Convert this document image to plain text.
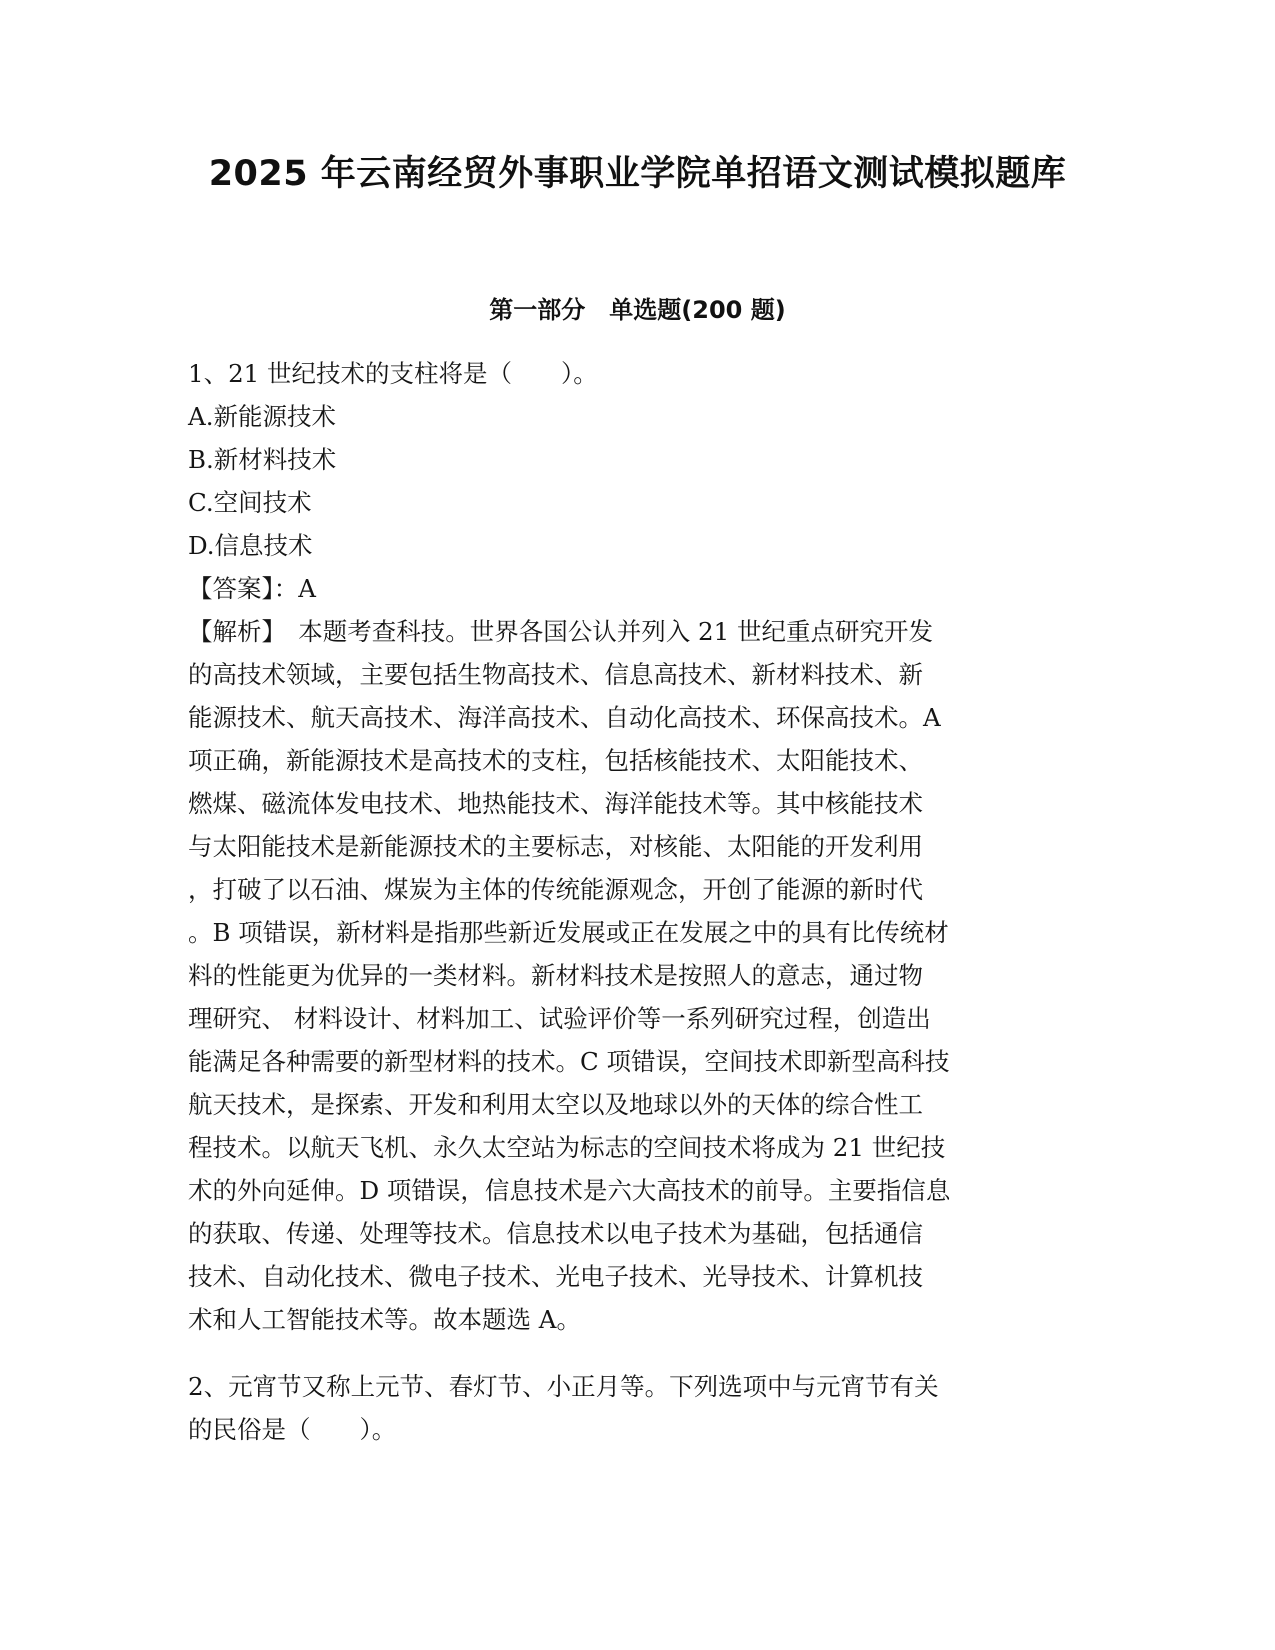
2025 年云南经贸外事职业学院单招语文测试模拟题库
第一部分　单选题(200 题)
1、21 世纪技术的支柱将是（　　）。
A.新能源技术
B.新材料技术
C.空间技术
D.信息技术
【答案】：A
【解析】　本题考查科技。世界各国公认并列入 21 世纪重点研究开发
的高技术领域，主要包括生物高技术、信息高技术、新材料技术、新
能源技术、航天高技术、海洋高技术、自动化高技术、环保高技术。A
项正确，新能源技术是高技术的支柱，包括核能技术、太阳能技术、
燃煤、磁流体发电技术、地热能技术、海洋能技术等。其中核能技术
与太阳能技术是新能源技术的主要标志，对核能、太阳能的开发利用
，打破了以石油、煤炭为主体的传统能源观念，开创了能源的新时代
。B 项错误，新材料是指那些新近发展或正在发展之中的具有比传统材
料的性能更为优异的一类材料。新材料技术是按照人的意志，通过物
理研究、 材料设计、材料加工、试验评价等一系列研究过程，创造出
能满足各种需要的新型材料的技术。C 项错误，空间技术即新型高科技
航天技术，是探索、开发和利用太空以及地球以外的天体的综合性工
程技术。以航天飞机、永久太空站为标志的空间技术将成为 21 世纪技
术的外向延伸。D 项错误，信息技术是六大高技术的前导。主要指信息
的获取、传递、处理等技术。信息技术以电子技术为基础，包括通信
技术、自动化技术、微电子技术、光电子技术、光导技术、计算机技
术和人工智能技术等。故本题选 A。
2、元宵节又称上元节、春灯节、小正月等。下列选项中与元宵节有关
的民俗是（　　）。
